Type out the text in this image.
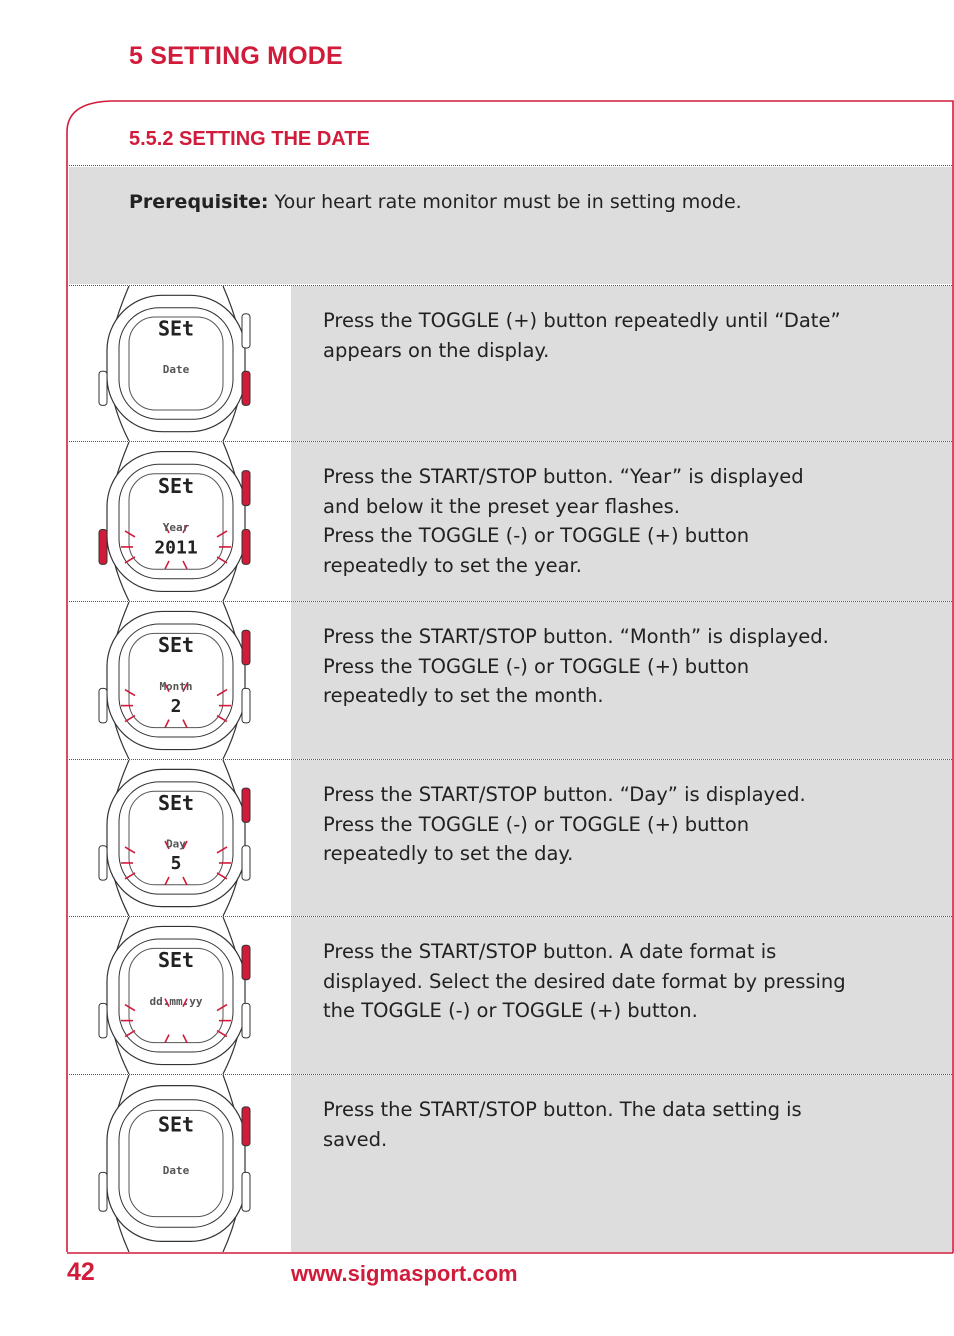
5 SETTING MODE
5.5.2 SETTING THE DATE
Prerequisite: Your heart rate monitor must be in setting mode.
SEt
Date
Press the TOGGLE (+) button repeatedly until “Date”
appears on the display.
SEt
Year
2011
Press the START/STOP button. “Year” is displayed
and below it the preset year flashes.
Press the TOGGLE (-) or TOGGLE (+) button
repeatedly to set the year.
SEt
Month
2
Press the START/STOP button. “Month” is displayed.
Press the TOGGLE (-) or TOGGLE (+) button
repeatedly to set the month.
SEt
Day
5
Press the START/STOP button. “Day” is displayed.
Press the TOGGLE (-) or TOGGLE (+) button
repeatedly to set the day.
SEt
dd.mm.yy
Press the START/STOP button. A date format is
displayed. Select the desired date format by pressing
the TOGGLE (-) or TOGGLE (+) button.
SEt
Date
Press the START/STOP button. The data setting is
saved.
42	www.sigmasport.com
